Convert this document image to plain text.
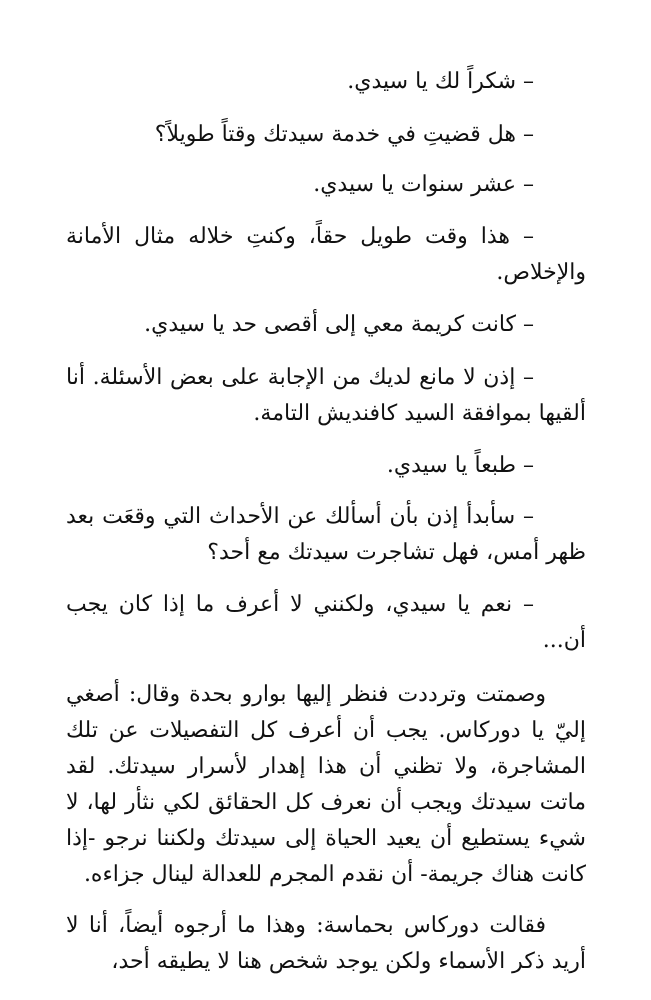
– شكراً لك يا سيدي.

– هل قضيتِ في خدمة سيدتك وقتاً طويلاً؟

– عشر سنوات يا سيدي.

– هذا وقت طويل حقاً، وكنتِ خلاله مثال الأمانة والإخلاص.

– كانت كريمة معي إلى أقصى حد يا سيدي.

– إذن لا مانع لديك من الإجابة على بعض الأسئلة. أنا ألقيها بموافقة السيد كافنديش التامة.

– طبعاً يا سيدي.

– سأبدأ إذن بأن أسألك عن الأحداث التي وقعَت بعد ظهر أمس، فهل تشاجرت سيدتك مع أحد؟

– نعم يا سيدي، ولكنني لا أعرف ما إذا كان يجب أن...

وصمتت وترددت فنظر إليها بوارو بحدة وقال: أصغي إليّ يا دوركاس. يجب أن أعرف كل التفصيلات عن تلك المشاجرة، ولا تظني أن هذا إهدار لأسرار سيدتك. لقد ماتت سيدتك ويجب أن نعرف كل الحقائق لكي نثأر لها، لا شيء يستطيع أن يعيد الحياة إلى سيدتك ولكننا نرجو -إذا كانت هناك جريمة- أن نقدم المجرم للعدالة لينال جزاءه.

فقالت دوركاس بحماسة: وهذا ما أرجوه أيضاً، أنا لا أريد ذكر الأسماء ولكن يوجد شخص هنا لا يطيقه أحد،
